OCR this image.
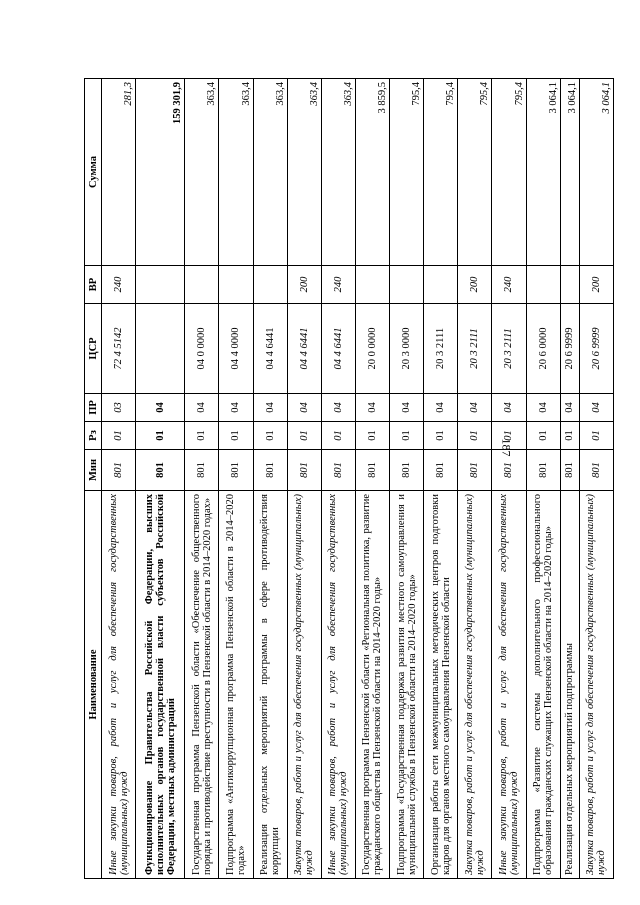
187
Наименование	Мин	Рз	ПР	ЦСР	ВР	Сумма
Иные закупки товаров, работ и услуг для обеспечения государственных (муниципальных) нужд	801	01	03	72 4 5142	240	281,3
Функционирование Правительства Российской Федерации, высших исполнительных органов государственной власти субъектов Российской Федерации, местных администраций	801	01	04			159 301,9
Государственная программа Пензенской области «Обеспечение общественного порядка и противодействие преступности в Пензенской области в 2014–2020 годах»	801	01	04	04 0 0000		363,4
Подпрограмма «Антикоррупционная программа Пензенской области в 2014–2020 годах»	801	01	04	04 4 0000		363,4
Реализация отдельных мероприятий программы в сфере противодействия коррупции	801	01	04	04 4 6441		363,4
Закупка товаров, работ и услуг для обеспечения государственных (муниципальных) нужд	801	01	04	04 4 6441	200	363,4
Иные закупки товаров, работ и услуг для обеспечения государственных (муниципальных) нужд	801	01	04	04 4 6441	240	363,4
Государственная программа Пензенской области «Региональная политика, развитие гражданского общества в Пензенской области на 2014–2020 годы»	801	01	04	20 0 0000		3 859,5
Подпрограмма «Государственная поддержка развития местного самоуправления и муниципальной службы в Пензенской области на 2014–2020 годы»	801	01	04	20 3 0000		795,4
Организация работы сети межмуниципальных методических центров подготовки кадров для органов местного самоуправления Пензенской области	801	01	04	20 3 2111		795,4
Закупка товаров, работ и услуг для обеспечения государственных (муниципальных) нужд	801	01	04	20 3 2111	200	795,4
Иные закупки товаров, работ и услуг для обеспечения государственных (муниципальных) нужд	801	01	04	20 3 2111	240	795,4
Подпрограмма «Развитие системы дополнительного профессионального образования гражданских служащих Пензенской области на 2014–2020 годы»	801	01	04	20 6 0000		3 064,1
Реализация отдельных мероприятий подпрограммы	801	01	04	20 6 9999		3 064,1
Закупка товаров, работ и услуг для обеспечения государственных (муниципальных) нужд	801	01	04	20 6 9999	200	3 064,1
